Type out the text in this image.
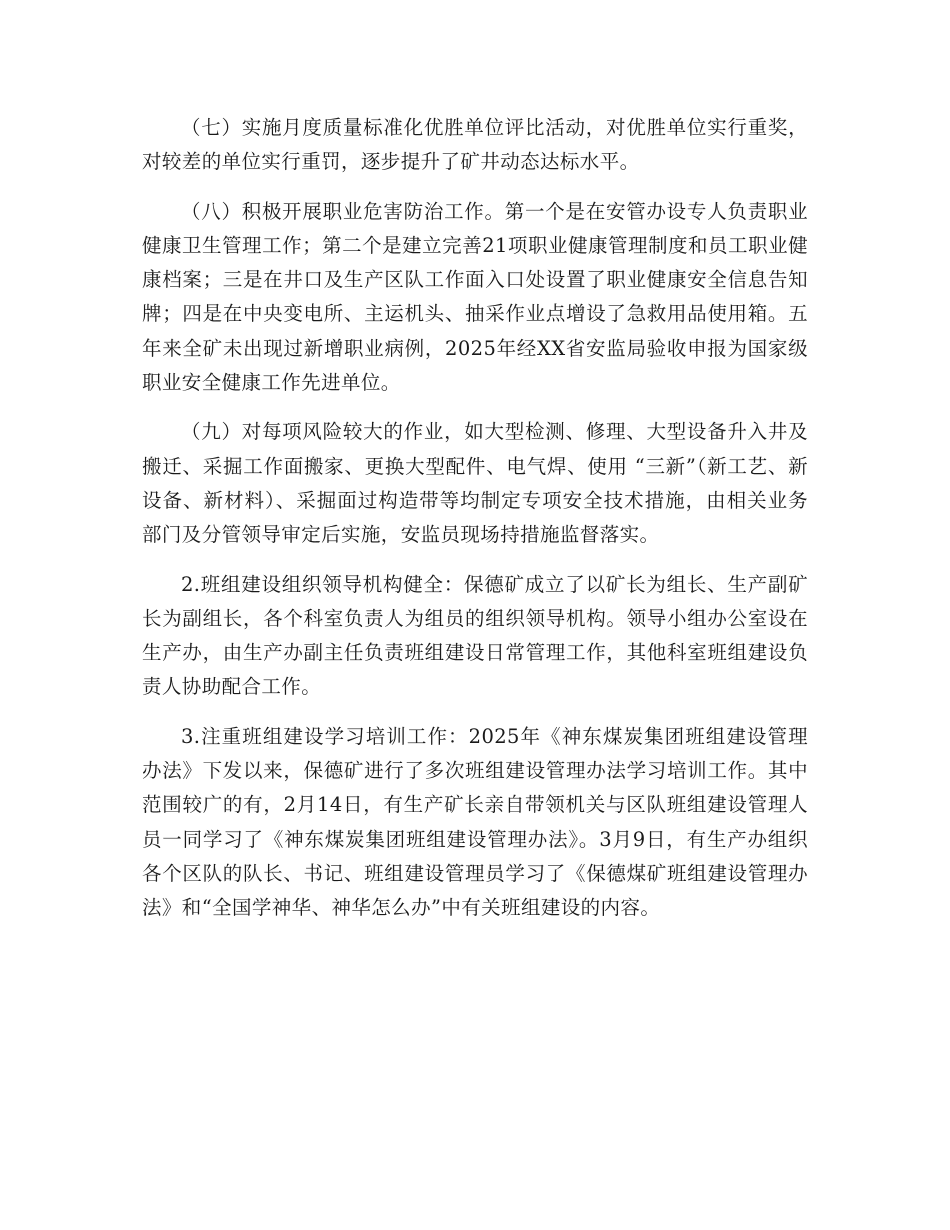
（七）实施月度质量标准化优胜单位评比活动，对优胜单位实行重奖，对较差的单位实行重罚，逐步提升了矿井动态达标水平。

（八）积极开展职业危害防治工作。第一个是在安管办设专人负责职业健康卫生管理工作；第二个是建立完善21项职业健康管理制度和员工职业健康档案；三是在井口及生产区队工作面入口处设置了职业健康安全信息告知牌；四是在中央变电所、主运机头、抽采作业点增设了急救用品使用箱。五年来全矿未出现过新增职业病例，2025年经XX省安监局验收申报为国家级职业安全健康工作先进单位。

（九）对每项风险较大的作业，如大型检测、修理、大型设备升入井及搬迁、采掘工作面搬家、更换大型配件、电气焊、使用 “三新”（新工艺、新设备、新材料）、采掘面过构造带等均制定专项安全技术措施，由相关业务部门及分管领导审定后实施，安监员现场持措施监督落实。

2.班组建设组织领导机构健全：保德矿成立了以矿长为组长、生产副矿长为副组长，各个科室负责人为组员的组织领导机构。领导小组办公室设在生产办，由生产办副主任负责班组建设日常管理工作，其他科室班组建设负责人协助配合工作。

3.注重班组建设学习培训工作：2025年《神东煤炭集团班组建设管理办法》下发以来，保德矿进行了多次班组建设管理办法学习培训工作。其中范围较广的有，2月14日，有生产矿长亲自带领机关与区队班组建设管理人员一同学习了《神东煤炭集团班组建设管理办法》。3月9日，有生产办组织各个区队的队长、书记、班组建设管理员学习了《保德煤矿班组建设管理办法》和“全国学神华、神华怎么办”中有关班组建设的内容。
